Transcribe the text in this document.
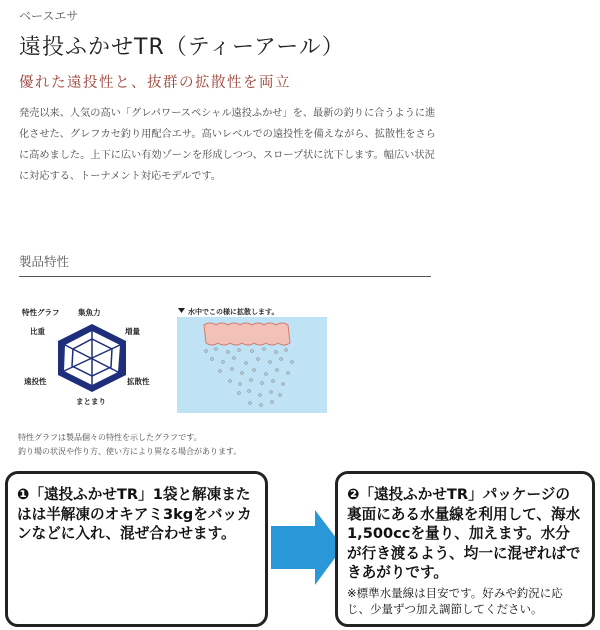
ベースエサ
遠投ふかせTR（ティーアール）
優れた遠投性と、抜群の拡散性を両立
発売以来、人気の高い「グレパワースペシャル遠投ふかせ」を、最新の釣りに合うように進化させた、グレフカセ釣り用配合エサ。高いレベルでの遠投性を備えながら、拡散性をさらに高めました。上下に広い有効ゾーンを形成しつつ、スロープ状に沈下します。幅広い状況に対応する、トーナメント対応モデルです。
製品特性
特性グラフ 集魚力
増量
拡散性
まとまり
遠投性
比重
水中でこの様に拡散します。
特性グラフは製品個々の特性を示したグラフです。
釣り場の状況や作り方、使い方により異なる場合があります。
❶「遠投ふかせTR」1袋と解凍またはは半解凍のオキアミ3kgをバッカンなどに入れ、混ぜ合わせます。
❷「遠投ふかせTR」パッケージの裏面にある水量線を利用して、海水1,500ccを量り、加えます。水分が行き渡るよう、均一に混ぜればできあがりです。
※標準水量線は目安です。好みや釣況に応じ、少量ずつ加え調節してください。
